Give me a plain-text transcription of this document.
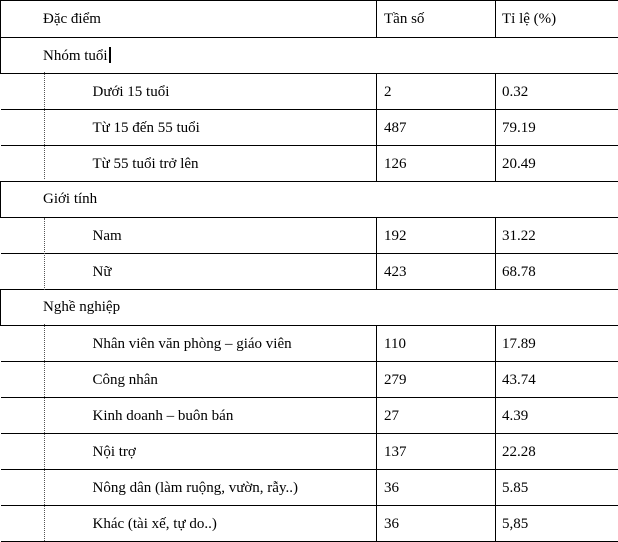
Đặc điểm	Tần số	Tỉ lệ (%)

Nhóm tuổi		

Dưới 15 tuổi	2	0.32

Từ 15 đến 55 tuổi	487	79.19

Từ 55 tuổi trở lên	126	20.49

Giới tính		

Nam	192	31.22

Nữ	423	68.78

Nghề nghiệp		

Nhân viên văn phòng – giáo viên	110	17.89

Công nhân	279	43.74

Kinh doanh – buôn bán	27	4.39

Nội trợ	137	22.28

Nông dân (làm ruộng, vườn, rẫy..)	36	5.85

Khác (tài xế, tự do..)	36	5,85
